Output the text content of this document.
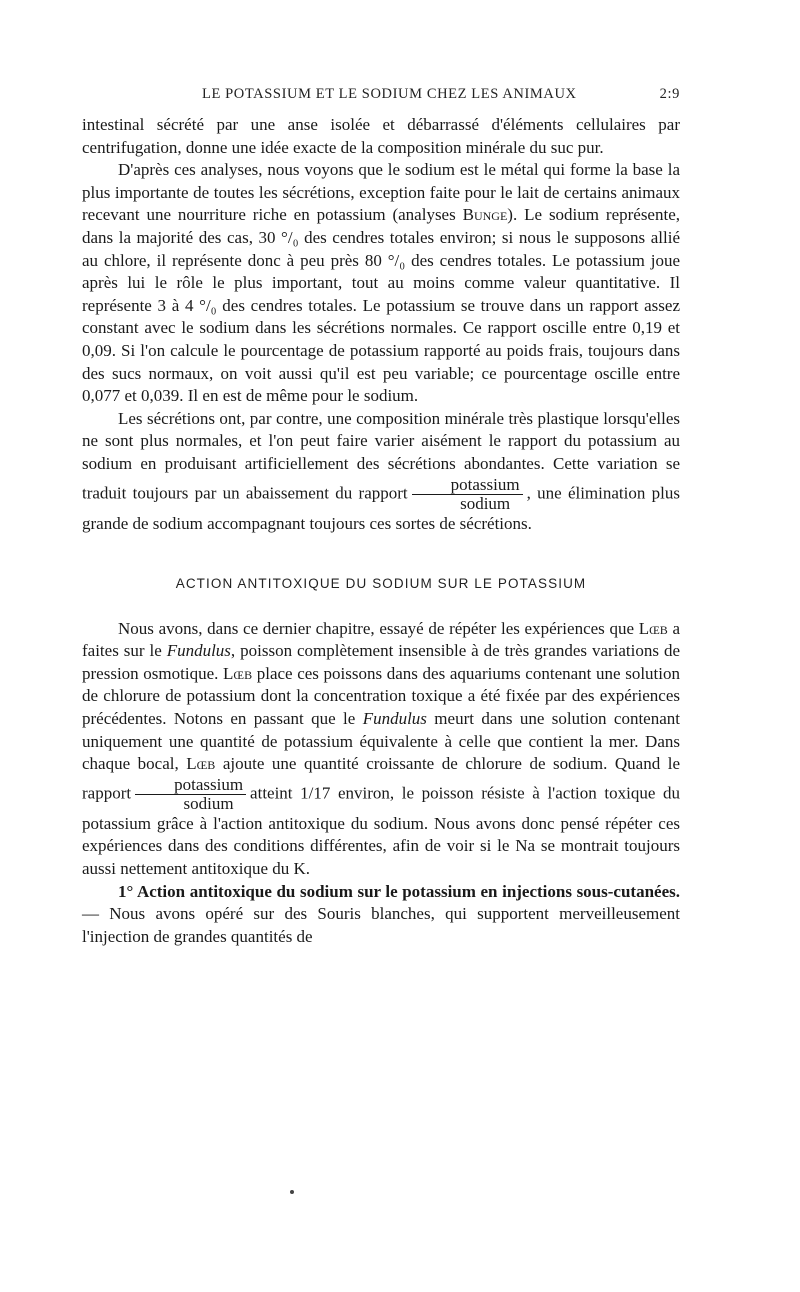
LE POTASSIUM ET LE SODIUM CHEZ LES ANIMAUX	2:9

intestinal sécrété par une anse isolée et débarrassé d'éléments cellulaires par centrifugation, donne une idée exacte de la composition minérale du suc pur.

D'après ces analyses, nous voyons que le sodium est le métal qui forme la base la plus importante de toutes les sécrétions, exception faite pour le lait de certains animaux recevant une nourriture riche en potassium (analyses Bunge). Le sodium représente, dans la majorité des cas, 30 °/₀ des cendres totales environ; si nous le supposons allié au chlore, il représente donc à peu près 80 °/₀ des cendres totales. Le potassium joue après lui le rôle le plus important, tout au moins comme valeur quantitative. Il représente 3 à 4 °/₀ des cendres totales. Le potassium se trouve dans un rapport assez constant avec le sodium dans les sécrétions normales. Ce rapport oscille entre 0,19 et 0,09. Si l'on calcule le pourcentage de potassium rapporté au poids frais, toujours dans des sucs normaux, on voit aussi qu'il est peu variable; ce pourcentage oscille entre 0,077 et 0,039. Il en est de même pour le sodium.

Les sécrétions ont, par contre, une composition minérale très plastique lorsqu'elles ne sont plus normales, et l'on peut faire varier aisément le rapport du potassium au sodium en produisant artificiellement des sécrétions abondantes. Cette variation se traduit toujours par un abaissement du rapport $\frac{\text{potassium}}{\text{sodium}}$ , une élimination plus grande de sodium accompagnant toujours ces sortes de sécrétions.

ACTION ANTITOXIQUE DU SODIUM SUR LE POTASSIUM

Nous avons, dans ce dernier chapitre, essayé de répéter les expériences que Lœb a faites sur le Fundulus, poisson complètement insensible à de très grandes variations de pression osmotique. Lœb place ces poissons dans des aquariums contenant une solution de chlorure de potassium dont la concentration toxique a été fixée par des expériences précédentes. Notons en passant que le Fundulus meurt dans une solution contenant uniquement une quantité de potassium équivalente à celle que contient la mer. Dans chaque bocal, Lœb ajoute une quantité croissante de chlorure de sodium. Quand le rapport $\frac{\text{potassium}}{\text{sodium}}$ atteint 1/17 environ, le poisson résiste à l'action toxique du potassium grâce à l'action antitoxique du sodium. Nous avons donc pensé répéter ces expériences dans des conditions différentes, afin de voir si le Na se montrait toujours aussi nettement antitoxique du K.

1° Action antitoxique du sodium sur le potassium en injections sous-cutanées. — Nous avons opéré sur des Souris blanches, qui supportent merveilleusement l'injection de grandes quantités de
